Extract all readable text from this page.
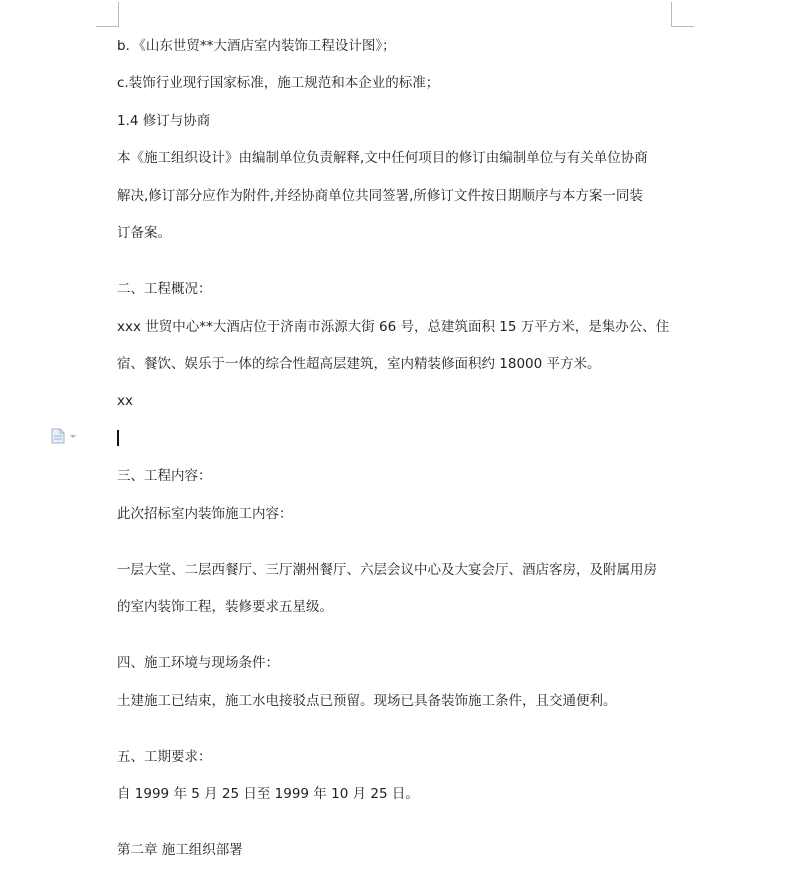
b．《山东世贸**大酒店室内装饰工程设计图》；
c.装饰行业现行国家标准，施工规范和本企业的标准；
1.4 修订与协商
本《施工组织设计》由编制单位负责解释,文中任何项目的修订由编制单位与有关单位协商
解决,修订部分应作为附件,并经协商单位共同签署,所修订文件按日期顺序与本方案一同装
订备案。
二、工程概况：
xxx 世贸中心**大酒店位于济南市泺源大街 66 号，总建筑面积 15 万平方米，是集办公、住
宿、餐饮、娱乐于一体的综合性超高层建筑，室内精装修面积约 18000 平方米。
xx
三、工程内容：
此次招标室内装饰施工内容：
一层大堂、二层西餐厅、三厅潮州餐厅、六层会议中心及大宴会厅、酒店客房，及附属用房
的室内装饰工程，装修要求五星级。
四、施工环境与现场条件：
土建施工已结束，施工水电接驳点已预留。现场已具备装饰施工条件，且交通便利。
五、工期要求：
自 1999 年 5 月 25 日至 1999 年 10 月 25 日。
第二章 施工组织部署
